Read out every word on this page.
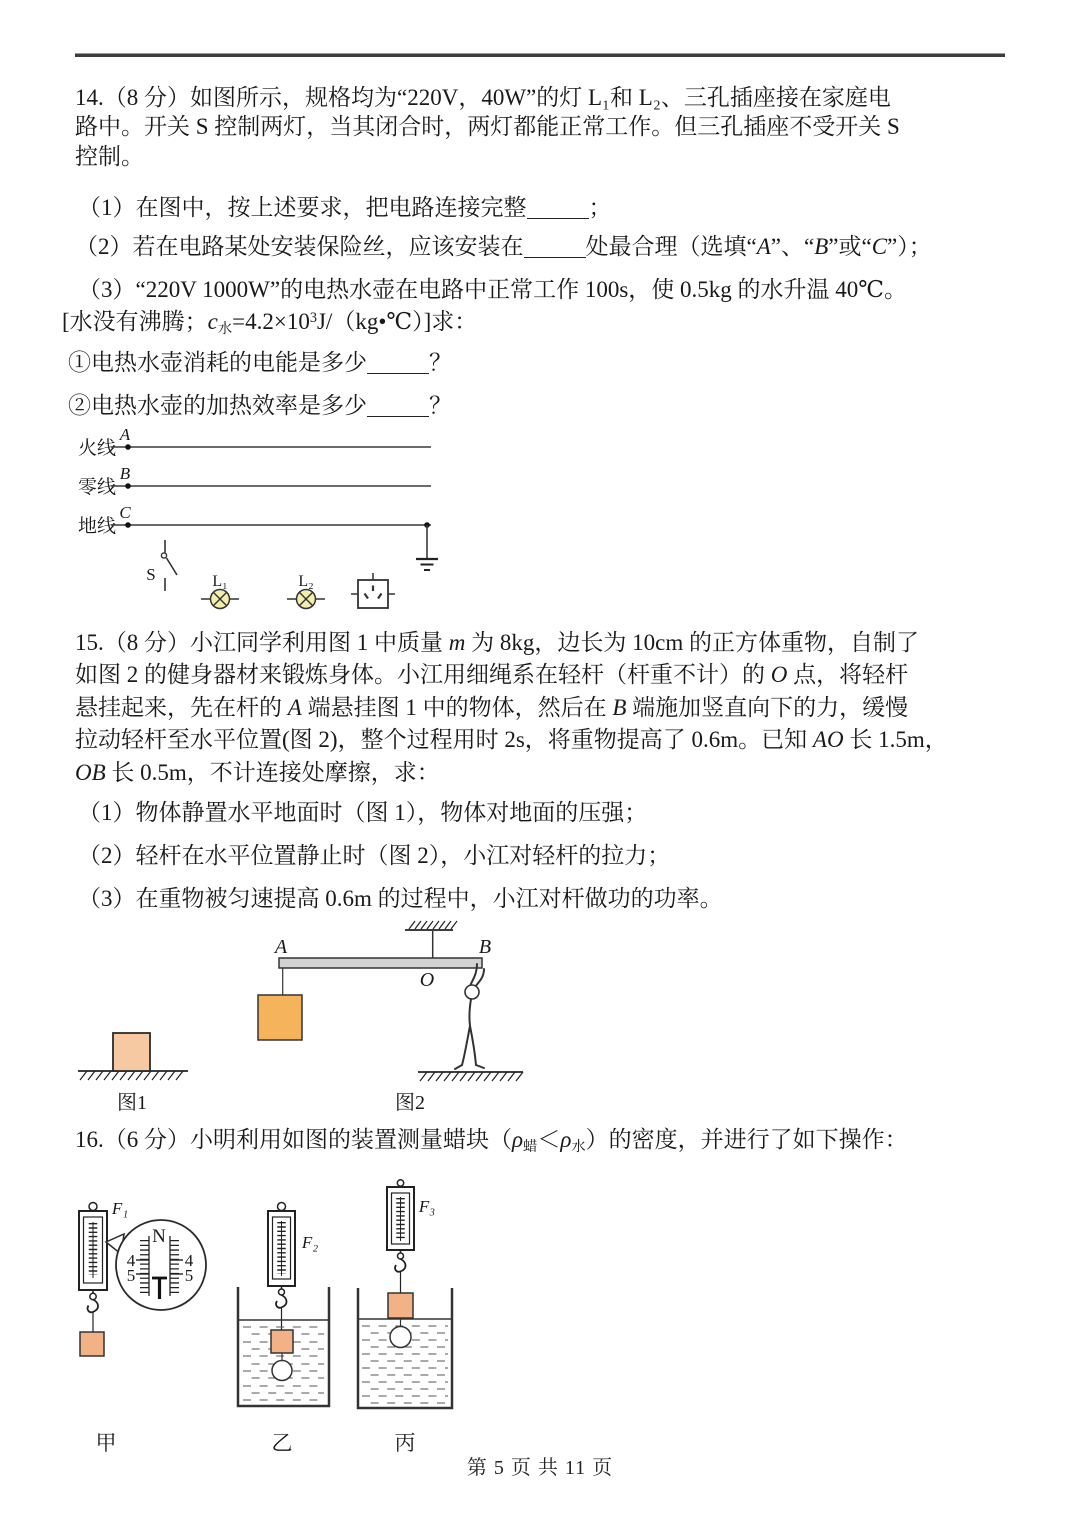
14.（8 分）如图所示，规格均为“220V，40W”的灯 L₁和 L₂、三孔插座接在家庭电
路中。开关 S 控制两灯，当其闭合时，两灯都能正常工作。但三孔插座不受开关 S
控制。
（1）在图中，按上述要求，把电路连接完整	；
（2）若在电路某处安装保险丝，应该安装在	处最合理（选填“A”、“B”或“C”）；
（3）“220V 1000W”的电热水壶在电路中正常工作 100s，使 0.5kg 的水升温 40℃。
[水没有沸腾；$c_水=4.2\times 10^3J/(kg•℃)$]求：
①电热水壶消耗的电能是多少	？
②电热水壶的加热效率是多少	？
火线
A
零线
B
地线
C
S	L₁	L₂
15.（8 分）小江同学利用图 1 中质量 m 为 8kg，边长为 10cm 的正方体重物，自制了
如图 2 的健身器材来锻炼身体。小江用细绳系在轻杆（杆重不计）的 O 点，将轻杆
悬挂起来，先在杆的 A 端悬挂图 1 中的物体，然后在 B 端施加竖直向下的力，缓慢
拉动轻杆至水平位置(图 2)，整个过程用时 2s，将重物提高了 0.6m。已知 AO 长 1.5m，
OB 长 0.5m，不计连接处摩擦，求：
（1）物体静置水平地面时（图 1），物体对地面的压强；
（2）轻杆在水平位置静止时（图 2），小江对轻杆的拉力；
（3）在重物被匀速提高 0.6m 的过程中，小江对杆做功的功率。
图1
A	B
O
图2
16.（6 分）小明利用如图的装置测量蜡块$(\rho_蜡<\rho_水)$的密度，并进行了如下操作：
F₁
N
4
5
4
5
甲
F₂
乙
F₃
丙
第 5 页 共 11 页
